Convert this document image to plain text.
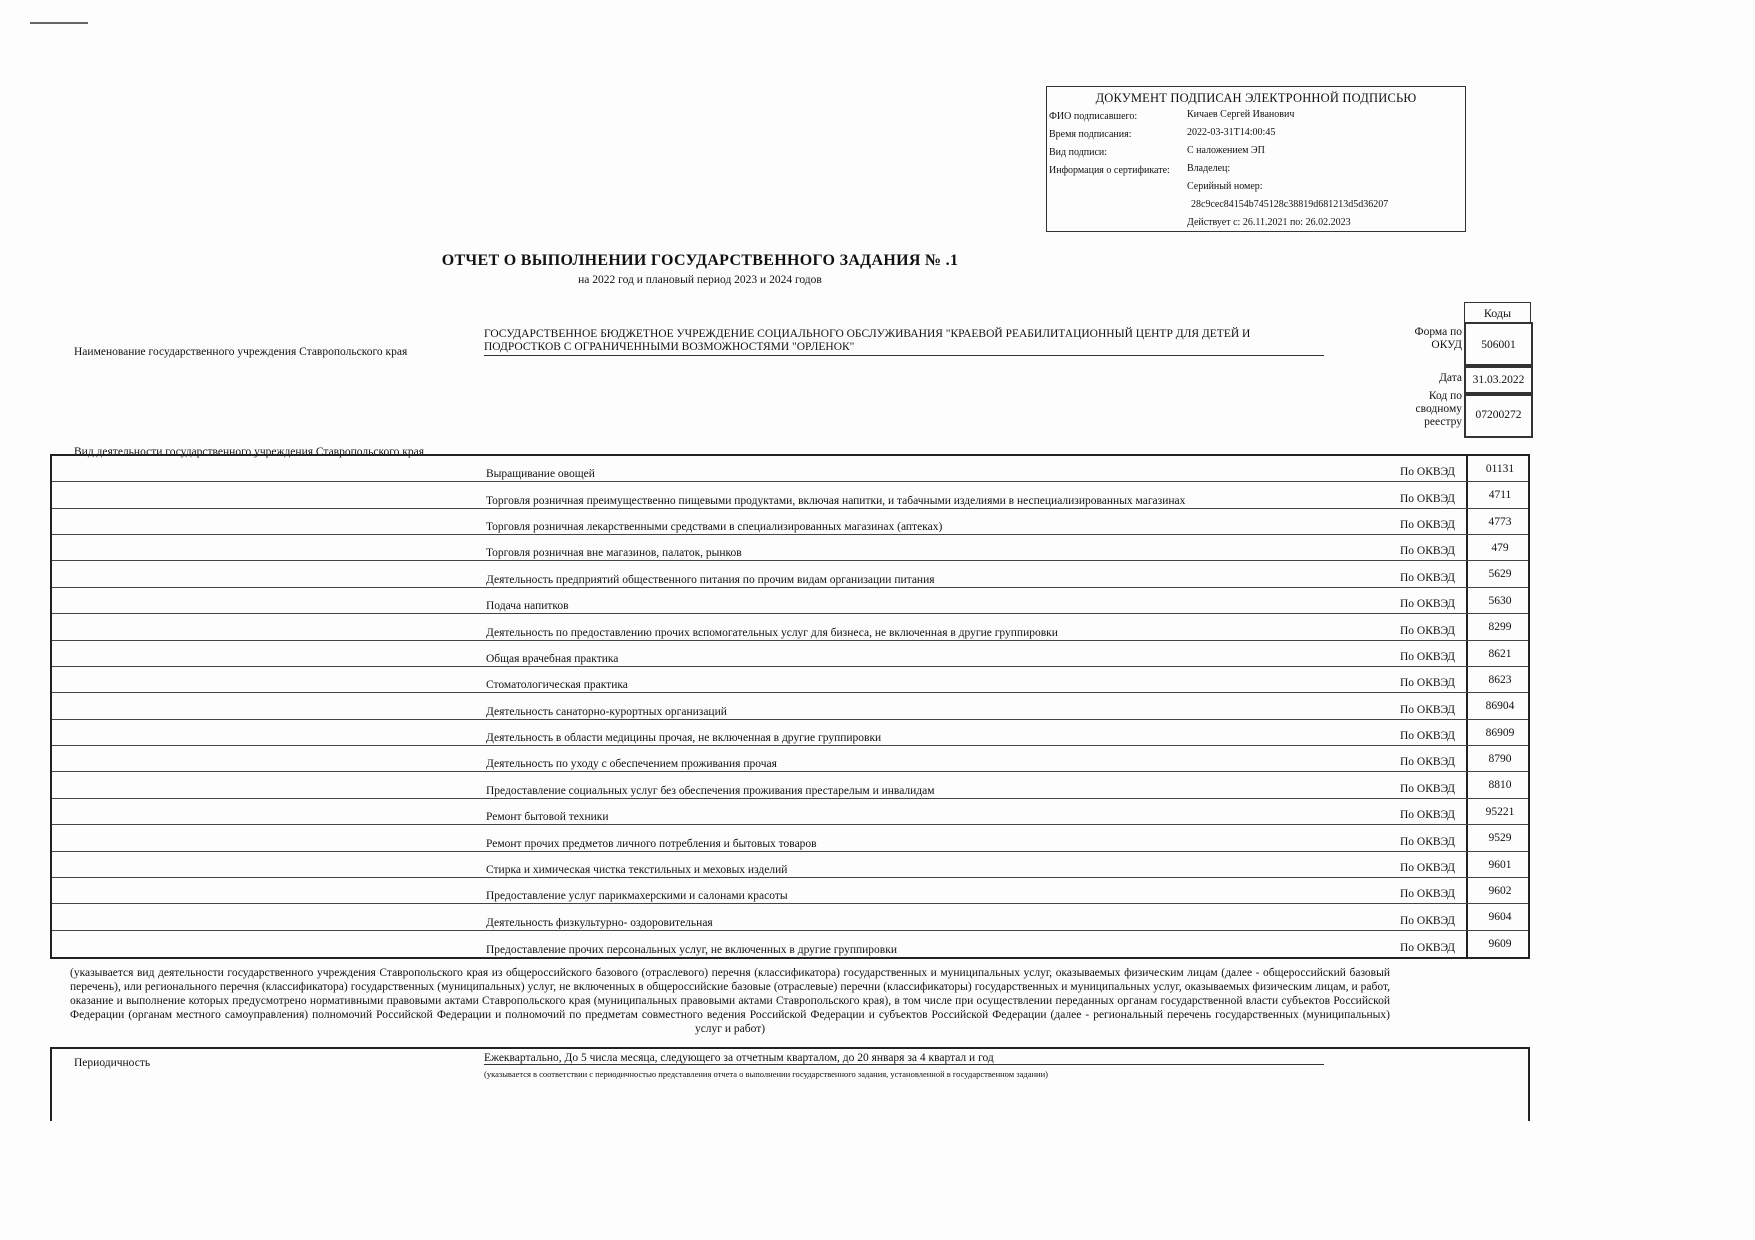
ДОКУМЕНТ ПОДПИСАН ЭЛЕКТРОННОЙ ПОДПИСЬЮ
ФИО подписавшего:	Кичаев Сергей Иванович
Время подписания:	2022-03-31T14:00:45
Вид подписи:	С наложением ЭП
Информация о сертификате: Владелец:
Серийный номер:
28c9cec84154b745128c38819d681213d5d36207
Действует с: 26.11.2021 по: 26.02.2023
ОТЧЕТ О ВЫПОЛНЕНИИ ГОСУДАРСТВЕННОГО ЗАДАНИЯ № .1
на 2022 год и плановый период 2023 и 2024 годов
Наименование государственного учреждения Ставропольского края
ГОСУДАРСТВЕННОЕ БЮДЖЕТНОЕ УЧРЕЖДЕНИЕ СОЦИАЛЬНОГО ОБСЛУЖИВАНИЯ "КРАЕВОЙ РЕАБИЛИТАЦИОННЫЙ ЦЕНТР ДЛЯ ДЕТЕЙ И ПОДРОСТКОВ С ОГРАНИЧЕННЫМИ ВОЗМОЖНОСТЯМИ "ОРЛЕНОК"
Коды
Форма по
ОКУД	506001
Дата 31.03.2022
Код по
сводному
реестру
07200272
Вид деятельности государственного учреждения Ставропольского края
Выращивание овощей	По ОКВЭД	01131
Торговля розничная преимущественно пищевыми продуктами, включая напитки, и табачными изделиями в неспециализированных магазинах	По ОКВЭД	4711
Торговля розничная лекарственными средствами в специализированных магазинах (аптеках)	По ОКВЭД	4773
Торговля розничная вне магазинов, палаток, рынков	По ОКВЭД	479
Деятельность предприятий общественного питания по прочим видам организации питания	По ОКВЭД	5629
Подача напитков	По ОКВЭД	5630
Деятельность по предоставлению прочих вспомогательных услуг для бизнеса, не включенная в другие группировки	По ОКВЭД	8299
Общая врачебная практика	По ОКВЭД	8621
Стоматологическая практика	По ОКВЭД	8623
Деятельность санаторно-курортных организаций	По ОКВЭД	86904
Деятельность в области медицины прочая, не включенная в другие группировки	По ОКВЭД	86909
Деятельность по уходу с обеспечением проживания прочая	По ОКВЭД	8790
Предоставление социальных услуг без обеспечения проживания престарелым и инвалидам	По ОКВЭД	8810
Ремонт бытовой техники	По ОКВЭД	95221
Ремонт прочих предметов личного потребления и бытовых товаров	По ОКВЭД	9529
Стирка и химическая чистка текстильных и меховых изделий	По ОКВЭД	9601
Предоставление услуг парикмахерскими и салонами красоты	По ОКВЭД	9602
Деятельность физкультурно- оздоровительная	По ОКВЭД	9604
Предоставление прочих персональных услуг, не включенных в другие группировки	По ОКВЭД	9609
(указывается вид деятельности государственного учреждения Ставропольского края из общероссийского базового (отраслевого) перечня (классификатора) государственных и муниципальных услуг, оказываемых физическим лицам (далее - общероссийский базовый перечень), или регионального перечня (классификатора) государственных (муниципальных) услуг, не включенных в общероссийские базовые (отраслевые) перечни (классификаторы) государственных и муниципальных услуг, оказываемых физическим лицам, и работ, оказание и выполнение которых предусмотрено нормативными правовыми актами Ставропольского края (муниципальных правовыми актами Ставропольского края), в том числе при осуществлении переданных органам государственной власти субъектов Российской Федерации (органам местного самоуправления) полномочий Российской Федерации и полномочий по предметам совместного ведения Российской Федерации и субъектов Российской Федерации (далее - региональный перечень государственных (муниципальных) услуг и работ)
Периодичность	Ежеквартально, До 5 числа месяца, следующего за отчетным кварталом, до 20 января за 4 квартал и год
(указывается в соответствии с периодичностью представления отчета о выполнении государственного задания, установленной в государственном задании)
